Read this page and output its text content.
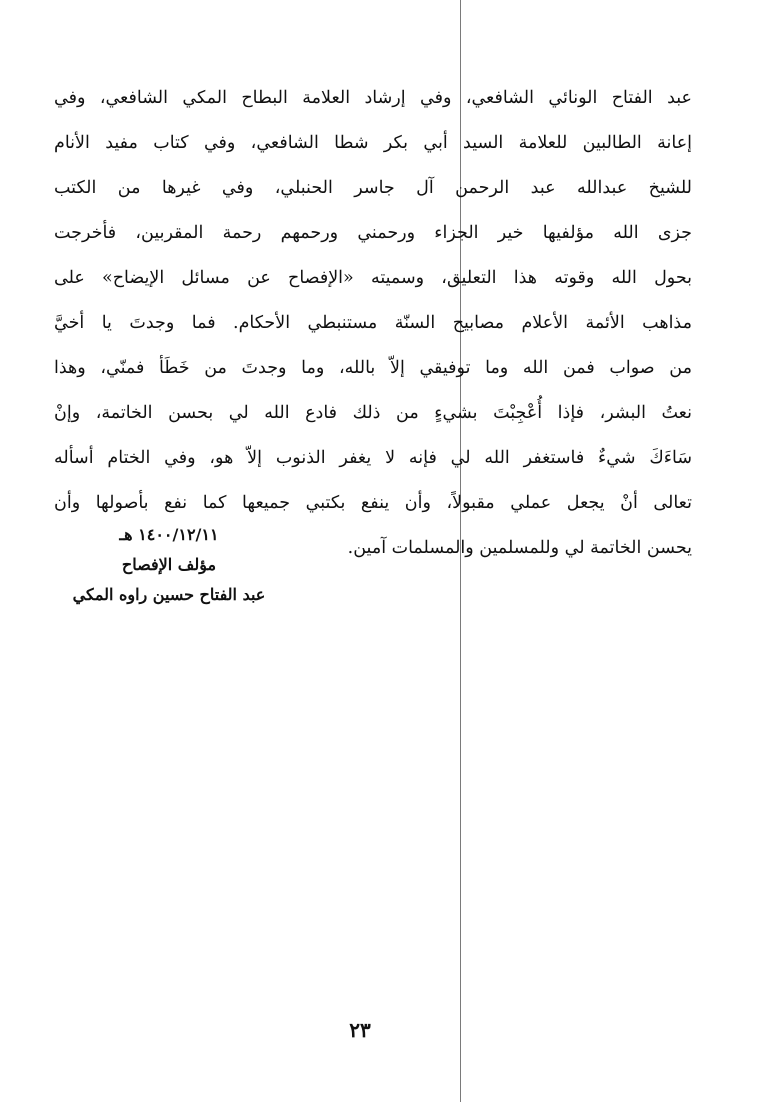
عبد الفتاح الونائي الشافعي، وفي إرشاد العلامة البطاح المكي الشافعي، وفي
إعانة الطالبين للعلامة السيد أبي بكر شطا الشافعي، وفي كتاب مفيد الأنام
للشيخ عبدالله عبد الرحمن آل جاسر الحنبلي، وفي غيرها من الكتب
جزى الله مؤلفيها خير الجزاء ورحمني ورحمهم رحمة المقربين، فأخرجت
بحول الله وقوته هذا التعليق، وسميته «الإفصاح عن مسائل الإيضاح» على
مذاهب الأئمة الأعلام مصابيح السنّة مستنبطي الأحكام. فما وجدتَ يا أخيَّ
من صواب فمن الله وما توفيقي إلاّ بالله، وما وجدتَ من خَطَأ فمنّي، وهذا
نعتُ البشر، فإذا أُعْجِبْتَ بشيءٍ من ذلك فادع الله لي بحسن الخاتمة، وإنْ
سَاءَكَ شيءٌ فاستغفر الله لي فإنه لا يغفر الذنوب إلاّ هو، وفي الختام أسأله
تعالى أنْ يجعل عملي مقبولاً، وأن ينفع بكتبي جميعها كما نفع بأصولها وأن
يحسن الخاتمة لي وللمسلمين والمسلمات آمين.
١٤٠٠/١٢/١١ هـ
مؤلف الإفصاح
عبد الفتاح حسين راوه المكي
٢٣
